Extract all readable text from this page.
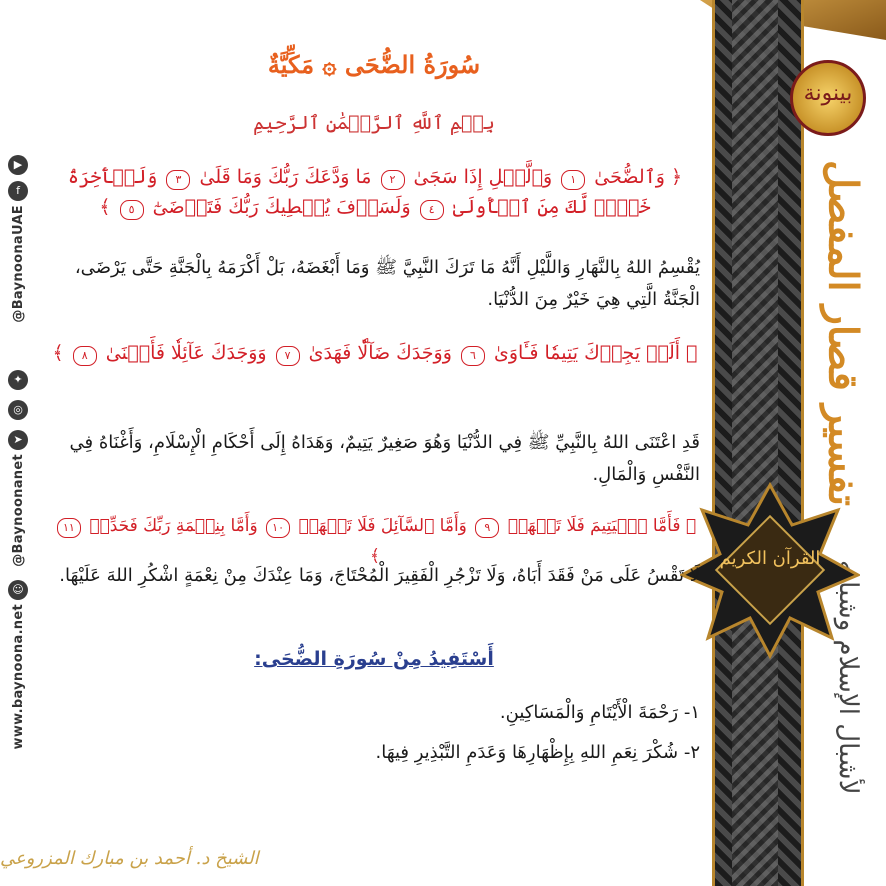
بينونة
تفسير قصار المفصل
لأشبال الإسلام وشبابه
القرآن الكريم
▶
f
@BaynoonaUAE
✦
◎
➤
@Baynoonanet
☺
www.baynoona.net
سُورَةُ الضُّحَى ۞ مَكِّيَّةٌ
بِسۡمِ ٱللَّهِ ٱلرَّحۡمَٰنِ ٱلرَّحِيمِ
﴿ وَٱلضُّحَىٰ ١ وَٱلَّيۡلِ إِذَا سَجَىٰ ٢ مَا وَدَّعَكَ رَبُّكَ وَمَا قَلَىٰ ٣ وَلَلۡأٓخِرَةُ خَيۡرٞ لَّكَ مِنَ ٱلۡأُولَىٰ ٤ وَلَسَوۡفَ يُعۡطِيكَ رَبُّكَ فَتَرۡضَىٰٓ ٥ ﴾
يُقْسِمُ اللهُ بِالنَّهَارِ وَاللَّيْلِ أَنَّهُ مَا تَرَكَ النَّبِيَّ ﷺ وَمَا أَبْغَضَهُ، بَلْ أَكْرَمَهُ بِالْجَنَّةِ حَتَّى يَرْضَى، الْجَنَّةُ الَّتِي هِيَ خَيْرٌ مِنَ الدُّنْيَا.
﴿ أَلَمۡ يَجِدۡكَ يَتِيمٗا فَـَٔاوَىٰ ٦ وَوَجَدَكَ ضَآلّٗا فَهَدَىٰ ٧ وَوَجَدَكَ عَآئِلٗا فَأَغۡنَىٰ ٨ ﴾
قَدِ اعْتَنَى اللهُ بِالنَّبِيِّ ﷺ فِي الدُّنْيَا وَهُوَ صَغِيرٌ يَتِيمٌ، وَهَدَاهُ إِلَى أَحْكَامِ الْإِسْلَامِ، وَأَغْنَاهُ فِي النَّفْسِ وَالْمَالِ.
﴿ فَأَمَّا ٱلۡيَتِيمَ فَلَا تَقۡهَرۡ ٩ وَأَمَّا ٱلسَّآئِلَ فَلَا تَنۡهَرۡ ١٠ وَأَمَّا بِنِعۡمَةِ رَبِّكَ فَحَدِّثۡ ١١ ﴾
لَا تَقْسُ عَلَى مَنْ فَقَدَ أَبَاهُ، وَلَا تَزْجُرِ الْفَقِيرَ الْمُحْتَاجَ، وَمَا عِنْدَكَ مِنْ نِعْمَةٍ اشْكُرِ اللهَ عَلَيْهَا.
أَسْتَفِيدُ مِنْ سُورَةِ الضُّحَى:
١- رَحْمَةَ الْأَيْتَامِ وَالْمَسَاكِينِ.
٢- شُكْرَ نِعَمِ اللهِ بِإِظْهَارِهَا وَعَدَمِ التَّبْذِيرِ فِيهَا.
الشيخ د. أحمد بن مبارك المزروعي
